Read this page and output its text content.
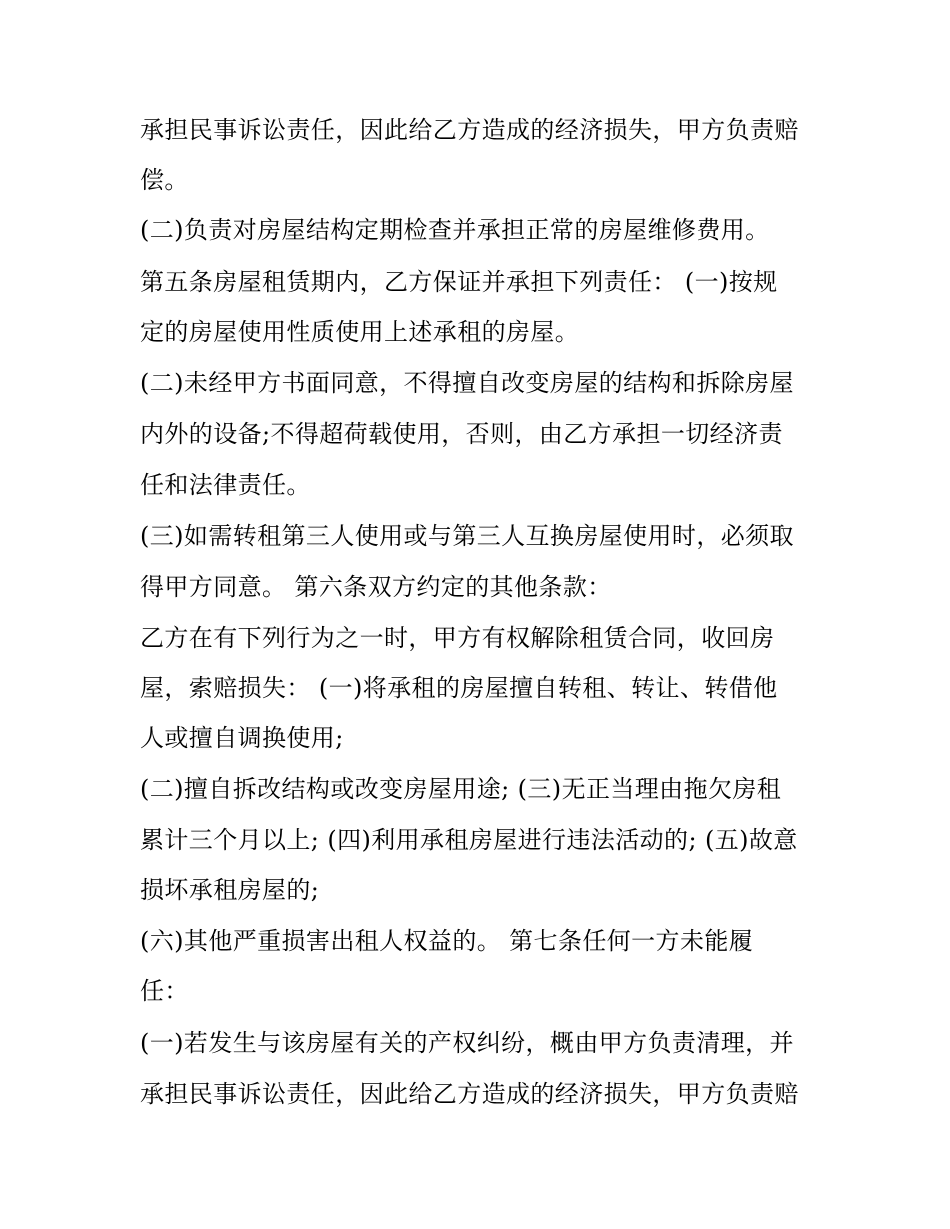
承担民事诉讼责任，因此给乙方造成的经济损失，甲方负责赔
偿。
(二)负责对房屋结构定期检查并承担正常的房屋维修费用。
第五条房屋租赁期内，乙方保证并承担下列责任： (一)按规
定的房屋使用性质使用上述承租的房屋。
(二)未经甲方书面同意，不得擅自改变房屋的结构和拆除房屋
内外的设备;不得超荷载使用，否则，由乙方承担一切经济责
任和法律责任。
(三)如需转租第三人使用或与第三人互换房屋使用时，必须取
得甲方同意。 第六条双方约定的其他条款：
乙方在有下列行为之一时，甲方有权解除租赁合同，收回房
屋，索赔损失： (一)将承租的房屋擅自转租、转让、转借他
人或擅自调换使用;
(二)擅自拆改结构或改变房屋用途; (三)无正当理由拖欠房租
累计三个月以上; (四)利用承租房屋进行违法活动的; (五)故意
损坏承租房屋的;
(六)其他严重损害出租人权益的。 第七条任何一方未能履
任：
(一)若发生与该房屋有关的产权纠纷，概由甲方负责清理，并
承担民事诉讼责任，因此给乙方造成的经济损失，甲方负责赔
